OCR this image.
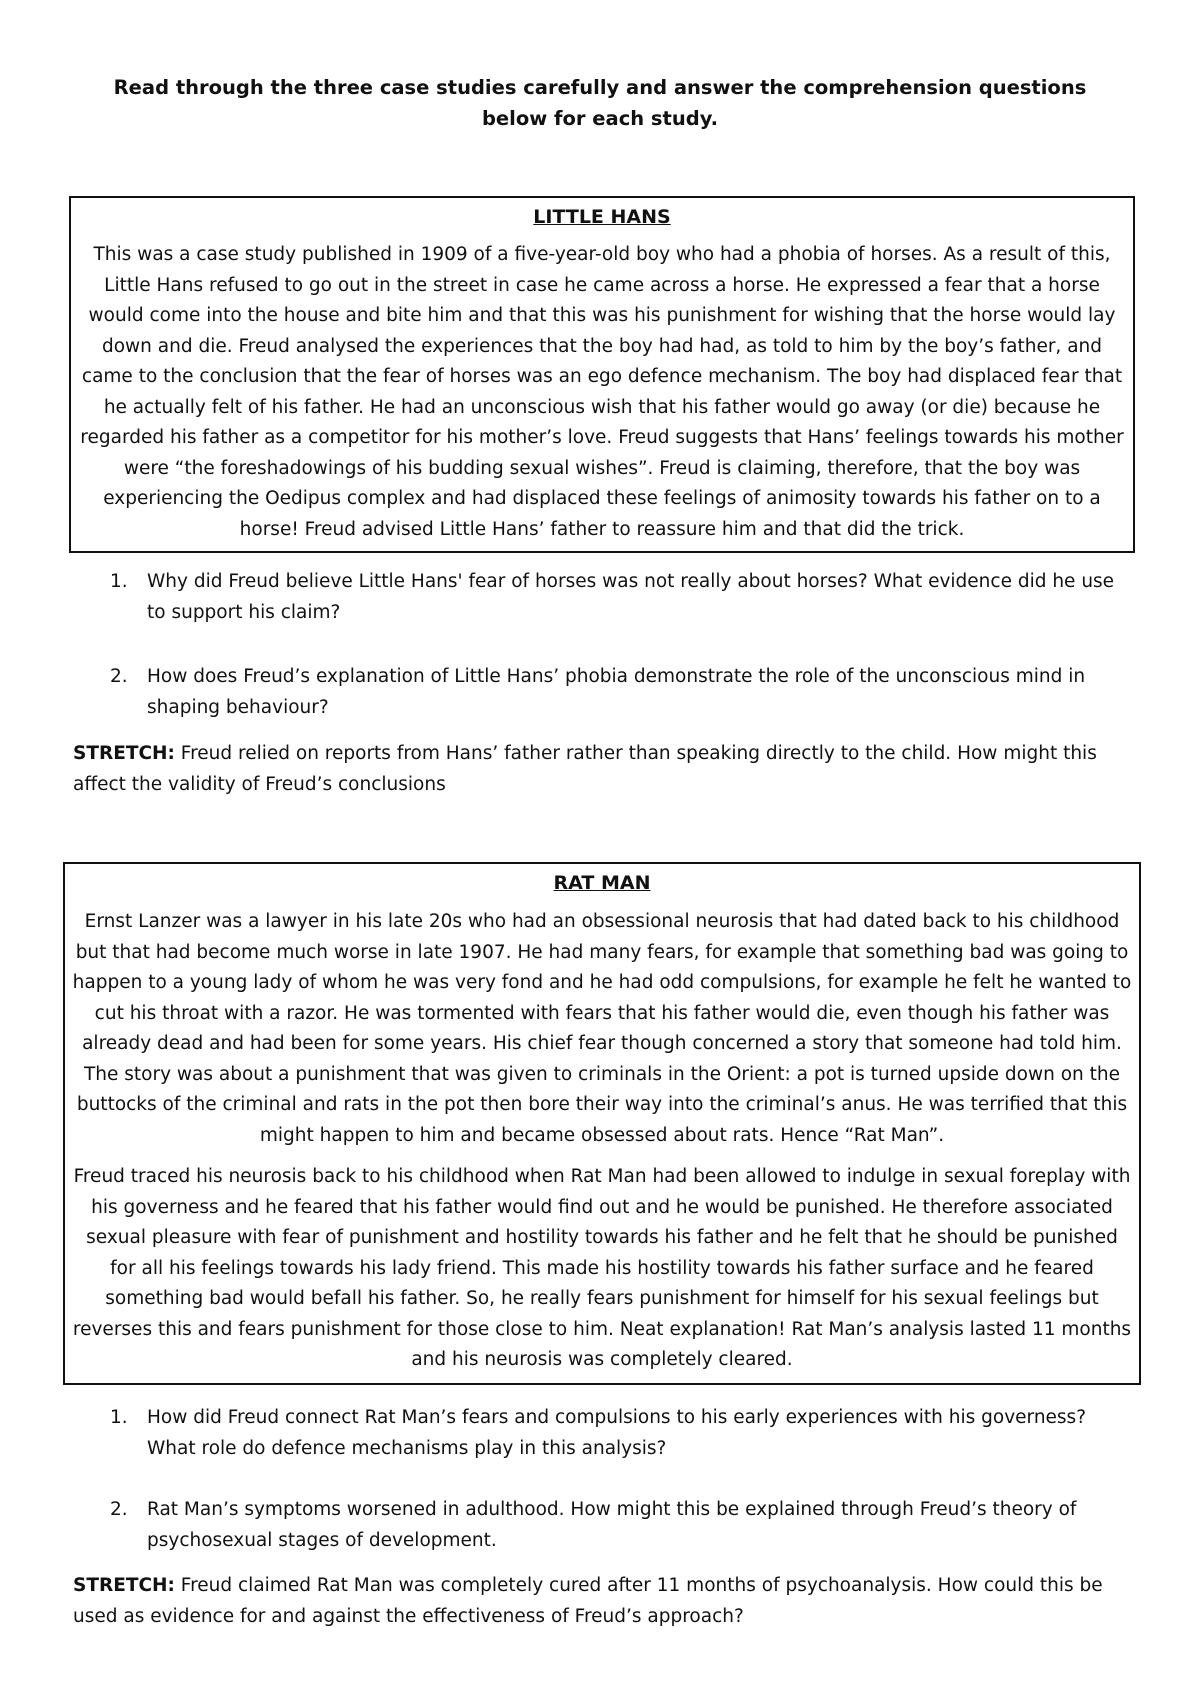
Read through the three case studies carefully and answer the comprehension questions below for each study.
LITTLE HANS
This was a case study published in 1909 of a five-year-old boy who had a phobia of horses. As a result of this, Little Hans refused to go out in the street in case he came across a horse. He expressed a fear that a horse would come into the house and bite him and that this was his punishment for wishing that the horse would lay down and die. Freud analysed the experiences that the boy had had, as told to him by the boy’s father, and came to the conclusion that the fear of horses was an ego defence mechanism. The boy had displaced fear that he actually felt of his father. He had an unconscious wish that his father would go away (or die) because he regarded his father as a competitor for his mother’s love. Freud suggests that Hans’ feelings towards his mother were “the foreshadowings of his budding sexual wishes”. Freud is claiming, therefore, that the boy was experiencing the Oedipus complex and had displaced these feelings of animosity towards his father on to a horse! Freud advised Little Hans’ father to reassure him and that did the trick.
1. Why did Freud believe Little Hans' fear of horses was not really about horses? What evidence did he use to support his claim?
2. How does Freud’s explanation of Little Hans’ phobia demonstrate the role of the unconscious mind in shaping behaviour?
STRETCH: Freud relied on reports from Hans’ father rather than speaking directly to the child. How might this affect the validity of Freud’s conclusions
RAT MAN
Ernst Lanzer was a lawyer in his late 20s who had an obsessional neurosis that had dated back to his childhood but that had become much worse in late 1907. He had many fears, for example that something bad was going to happen to a young lady of whom he was very fond and he had odd compulsions, for example he felt he wanted to cut his throat with a razor. He was tormented with fears that his father would die, even though his father was already dead and had been for some years. His chief fear though concerned a story that someone had told him. The story was about a punishment that was given to criminals in the Orient: a pot is turned upside down on the buttocks of the criminal and rats in the pot then bore their way into the criminal’s anus. He was terrified that this might happen to him and became obsessed about rats. Hence “Rat Man”.
Freud traced his neurosis back to his childhood when Rat Man had been allowed to indulge in sexual foreplay with his governess and he feared that his father would find out and he would be punished. He therefore associated sexual pleasure with fear of punishment and hostility towards his father and he felt that he should be punished for all his feelings towards his lady friend. This made his hostility towards his father surface and he feared something bad would befall his father. So, he really fears punishment for himself for his sexual feelings but reverses this and fears punishment for those close to him. Neat explanation! Rat Man’s analysis lasted 11 months and his neurosis was completely cleared.
1. How did Freud connect Rat Man’s fears and compulsions to his early experiences with his governess? What role do defence mechanisms play in this analysis?
2. Rat Man’s symptoms worsened in adulthood. How might this be explained through Freud’s theory of psychosexual stages of development.
STRETCH: Freud claimed Rat Man was completely cured after 11 months of psychoanalysis. How could this be used as evidence for and against the effectiveness of Freud’s approach?
